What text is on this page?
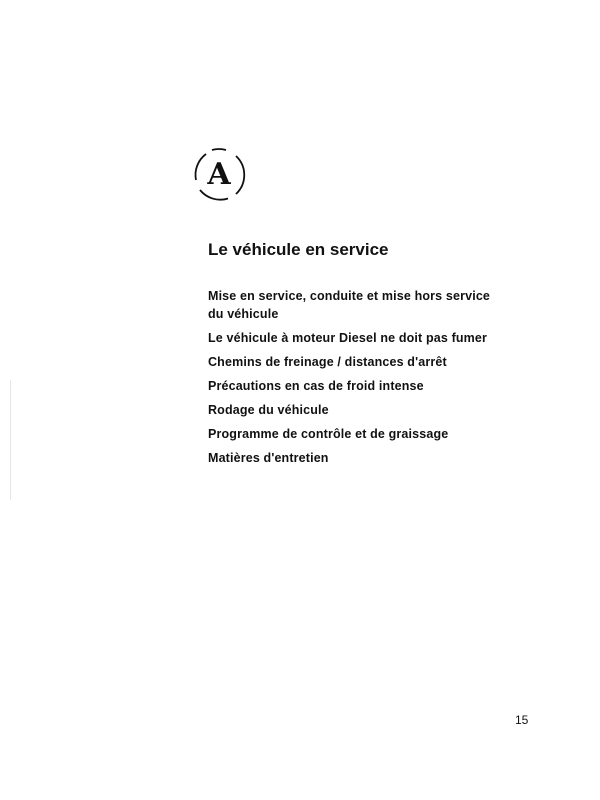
A
Le véhicule en service
Mise en service, conduite et mise hors service du véhicule
Le véhicule à moteur Diesel ne doit pas fumer
Chemins de freinage / distances d'arrêt
Précautions en cas de froid intense
Rodage du véhicule
Programme de contrôle et de graissage
Matières d'entretien
15
